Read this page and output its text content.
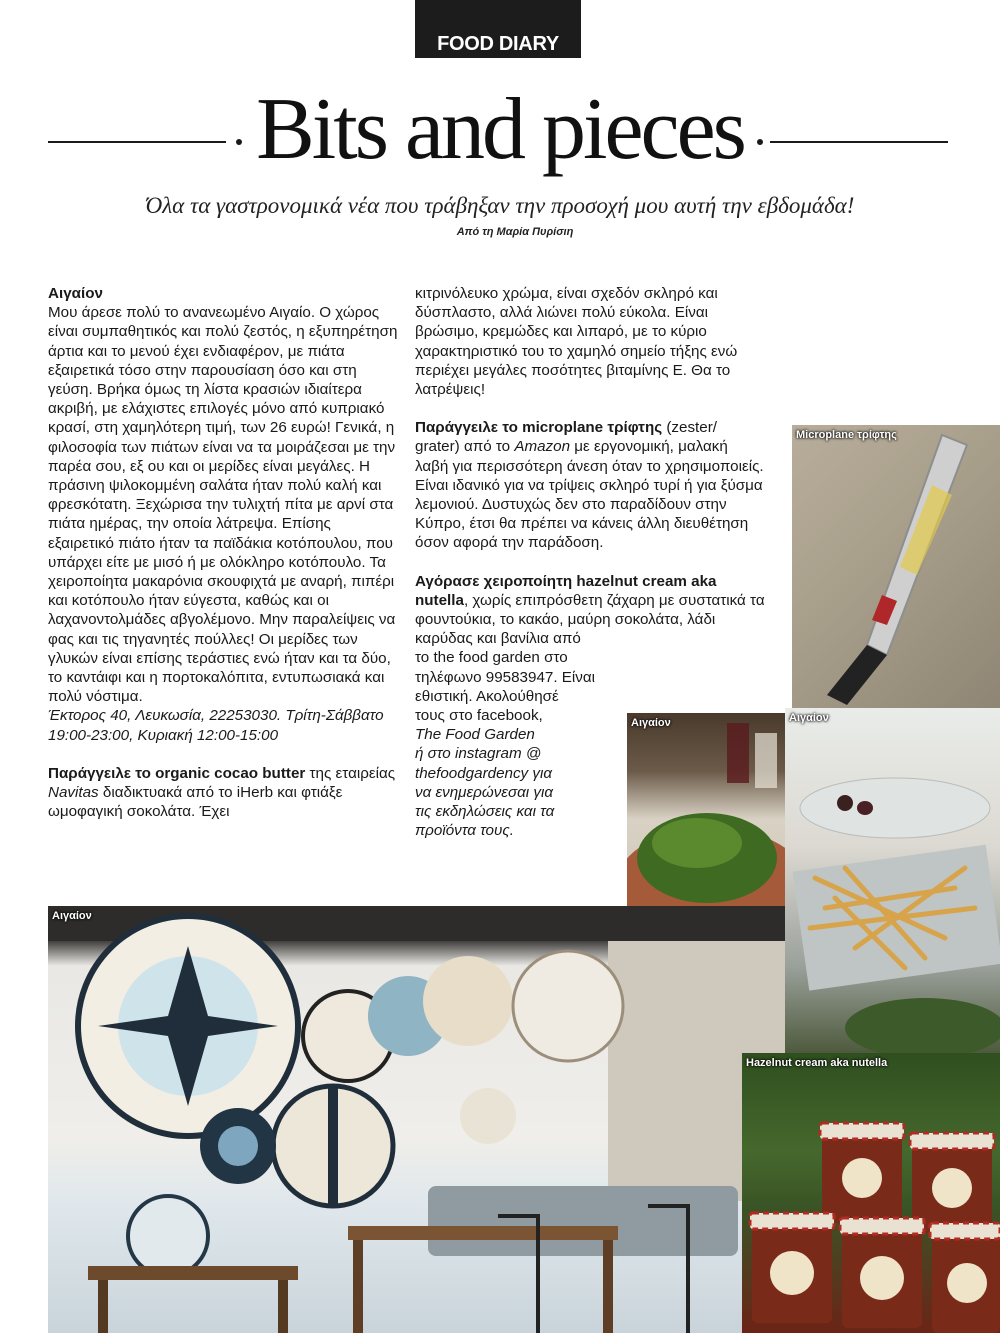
FOOD DIARY
Bits and pieces
Όλα τα γαστρονομικά νέα που τράβηξαν την προσοχή μου αυτή την εβδομάδα!
Από τη Μαρία Πυρίσιη

Αιγαίον
Μου άρεσε πολύ το ανανεωμένο Αιγαίο. Ο χώρος είναι συμπαθητικός και πολύ ζεστός, η εξυπηρέτηση άρτια και το μενού έχει ενδιαφέρον, με πιάτα εξαιρετικά τόσο στην παρουσίαση όσο και στη γεύση. Βρήκα όμως τη λίστα κρασιών ιδιαίτερα ακριβή, με ελάχιστες επιλογές μόνο από κυπριακό κρασί, στη χαμηλότερη τιμή, των 26 ευρώ! Γενικά, η φιλοσοφία των πιάτων είναι να τα μοιράζεσαι με την παρέα σου, εξ ου και οι μερίδες είναι μεγάλες. Η πράσινη ψιλοκομμένη σαλάτα ήταν πολύ καλή και φρεσκότατη. Ξεχώρισα την τυλιχτή πίτα με αρνί στα πιάτα ημέρας, την οποία λάτρεψα. Επίσης εξαιρετικό πιάτο ήταν τα παϊδάκια κοτόπουλου, που υπάρχει είτε με μισό ή με ολόκληρο κοτόπουλο. Τα χειροποίητα μακαρόνια σκουφιχτά με αναρή, πιπέρι και κοτόπουλο ήταν εύγεστα, καθώς και οι λαχανοντολμάδες αβγολέμονο. Μην παραλείψεις να φας και τις τηγανητές πούλλες! Οι μερίδες των γλυκών είναι επίσης τεράστιες ενώ ήταν και τα δύο, το καντάιφι και η πορτοκαλόπιτα, εντυπωσιακά και πολύ νόστιμα.
Έκτορος 40, Λευκωσία, 22253030. Τρίτη-Σάββατο 19:00-23:00, Κυριακή 12:00-15:00

Παράγγειλε το organic cocao butter της εταιρείας Navitas διαδικτυακά από το iHerb και φτιάξε ωμοφαγική σοκολάτα. Έχει

κιτρινόλευκο χρώμα, είναι σχεδόν σκληρό και δύσπλαστο, αλλά λιώνει πολύ εύκολα. Είναι βρώσιμο, κρεμώδες και λιπαρό, με το κύριο χαρακτηριστικό του το χαμηλό σημείο τήξης ενώ περιέχει μεγάλες ποσότητες βιταμίνης Ε. Θα το λατρέψεις!

Παράγγειλε το microplane τρίφτης (zester/ grater) από το Amazon με εργονομική, μαλακή λαβή για περισσότερη άνεση όταν το χρησιμοποιείς. Είναι ιδανικό για να τρίψεις σκληρό τυρί ή για ξύσμα λεμονιού. Δυστυχώς δεν στο παραδίδουν στην Κύπρο, έτσι θα πρέπει να κάνεις άλλη διευθέτηση όσον αφορά την παράδοση.

Αγόρασε χειροποίητη hazelnut cream aka nutella, χωρίς επιπρόσθετη ζάχαρη με συστατικά τα φουντούκια, το κακάο, μαύρη σοκολάτα, λάδι καρύδας και βανίλια από

το the food garden στο
τηλέφωνο 99583947. Είναι
εθιστική. Ακολούθησέ
τους στο facebook,
The Food Garden
ή στο instagram @
thefoodgardency για
να ενημερώνεσαι για
τις εκδηλώσεις και τα
προϊόντα τους.

Microplane τρίφτης
Αιγαίον	Αιγαίον
Αιγαίον
Hazelnut cream aka nutella
